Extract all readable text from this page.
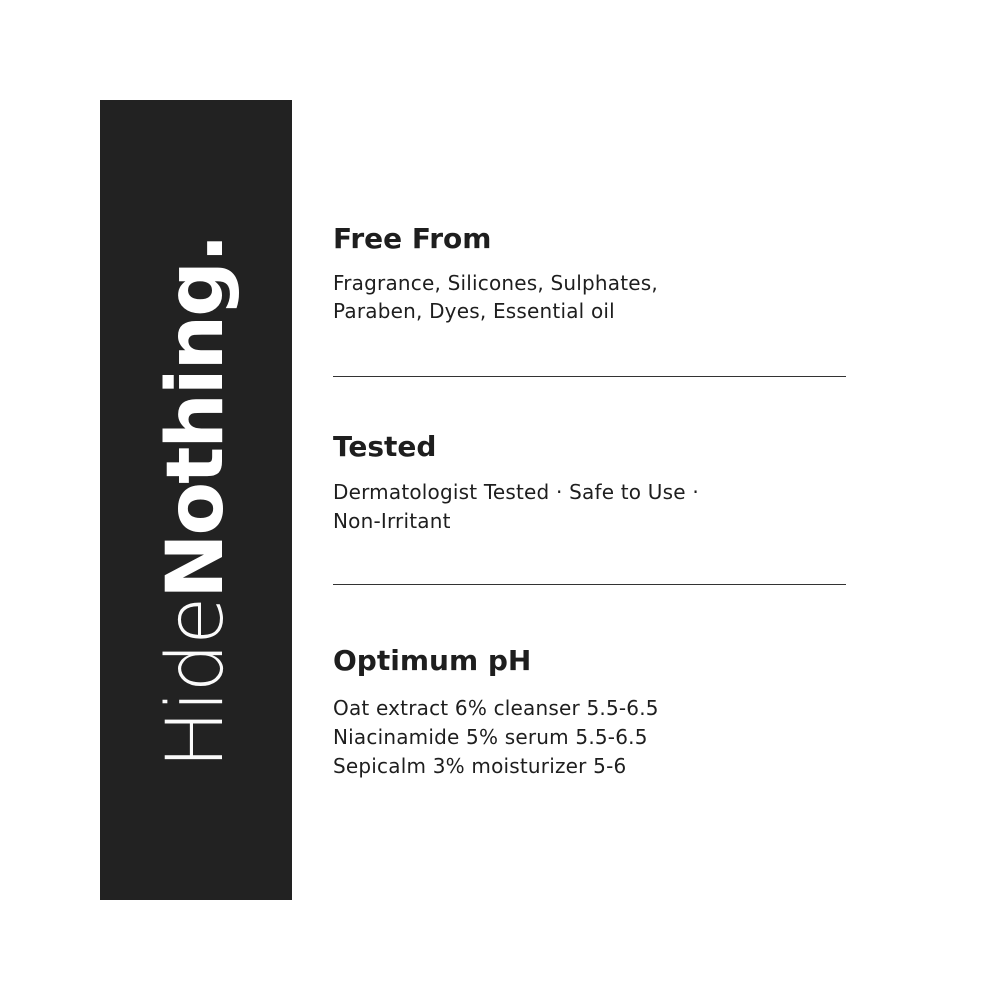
HideNothing.	Free From

Fragrance, Silicones, Sulphates,

Paraben, Dyes, Essential oil

Tested

Dermatologist Tested · Safe to Use ·

Non-Irritant

Optimum pH

Oat extract 6% cleanser 5.5-6.5

Niacinamide 5% serum 5.5-6.5

Sepicalm 3% moisturizer 5-6
